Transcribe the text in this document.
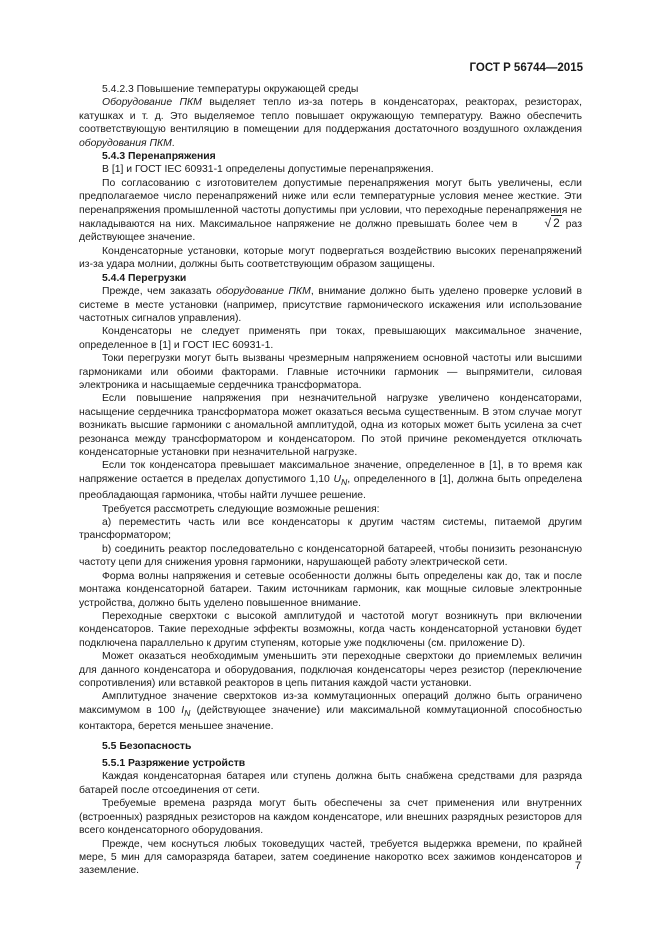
ГОСТ Р 56744—2015

5.4.2.3 Повышение температуры окружающей среды

Оборудование ПКМ выделяет тепло из-за потерь в конденсаторах, реакторах, резисторах, катушках и т. д. Это выделяемое тепло повышает окружающую температуру. Важно обеспечить соответствующую вентиляцию в помещении для поддержания достаточного воздушного охлаждения оборудования ПКМ.

5.4.3 Перенапряжения

В [1] и ГОСТ IEC 60931-1 определены допустимые перенапряжения.

По согласованию с изготовителем допустимые перенапряжения могут быть увеличены, если предполагаемое число перенапряжений ниже или если температурные условия менее жесткие. Эти перенапряжения промышленной частоты допустимы при условии, что переходные перенапряжения не накладываются на них. Максимальное напряжение не должно превышать более чем в √ 2 раз действующее значение.

Конденсаторные установки, которые могут подвергаться воздействию высоких перенапряжений из-за удара молнии, должны быть соответствующим образом защищены.

5.4.4 Перегрузки

Прежде, чем заказать оборудование ПКМ, внимание должно быть уделено проверке условий в системе в месте установки (например, присутствие гармонического искажения или использование частотных сигналов управления).

Конденсаторы не следует применять при токах, превышающих максимальное значение, определенное в [1] и ГОСТ IEC 60931-1.

Токи перегрузки могут быть вызваны чрезмерным напряжением основной частоты или высшими гармониками или обоими факторами. Главные источники гармоник — выпрямители, силовая электроника и насыщаемые сердечника трансформатора.

Если повышение напряжения при незначительной нагрузке увеличено конденсаторами, насыщение сердечника трансформатора может оказаться весьма существенным. В этом случае могут возникать высшие гармоники с аномальной амплитудой, одна из которых может быть усилена за счет резонанса между трансформатором и конденсатором. По этой причине рекомендуется отключать конденсаторные установки при незначительной нагрузке.

Если ток конденсатора превышает максимальное значение, определенное в [1], в то время как напряжение остается в пределах допустимого 1,10 $U_N$, определенного в [1], должна быть определена преобладающая гармоника, чтобы найти лучшее решение.

Требуется рассмотреть следующие возможные решения:

a) переместить часть или все конденсаторы к другим частям системы, питаемой другим трансформатором;

b) соединить реактор последовательно с конденсаторной батареей, чтобы понизить резонансную частоту цепи для снижения уровня гармоники, нарушающей работу электрической сети.

Форма волны напряжения и сетевые особенности должны быть определены как до, так и после монтажа конденсаторной батареи. Таким источникам гармоник, как мощные силовые электронные устройства, должно быть уделено повышенное внимание.

Переходные сверхтоки с высокой амплитудой и частотой могут возникнуть при включении конденсаторов. Такие переходные эффекты возможны, когда часть конденсаторной установки будет подключена параллельно к другим ступеням, которые уже подключены (см. приложение D).

Может оказаться необходимым уменьшить эти переходные сверхтоки до приемлемых величин для данного конденсатора и оборудования, подключая конденсаторы через резистор (переключение сопротивления) или вставкой реакторов в цепь питания каждой части установки.

Амплитудное значение сверхтоков из-за коммутационных операций должно быть ограничено максимумом в 100 $I_N$ (действующее значение) или максимальной коммутационной способностью контактора, берется меньшее значение.

5.5 Безопасность

5.5.1 Разряжение устройств

Каждая конденсаторная батарея или ступень должна быть снабжена средствами для разряда батарей после отсоединения от сети.

Требуемые времена разряда могут быть обеспечены за счет применения или внутренних (встроенных) разрядных резисторов на каждом конденсаторе, или внешних разрядных резисторов для всего конденсаторного оборудования.

Прежде, чем коснуться любых токоведущих частей, требуется выдержка времени, по крайней мере, 5 мин для саморазряда батареи, затем соединение накоротко всех зажимов конденсаторов и заземление.	7
